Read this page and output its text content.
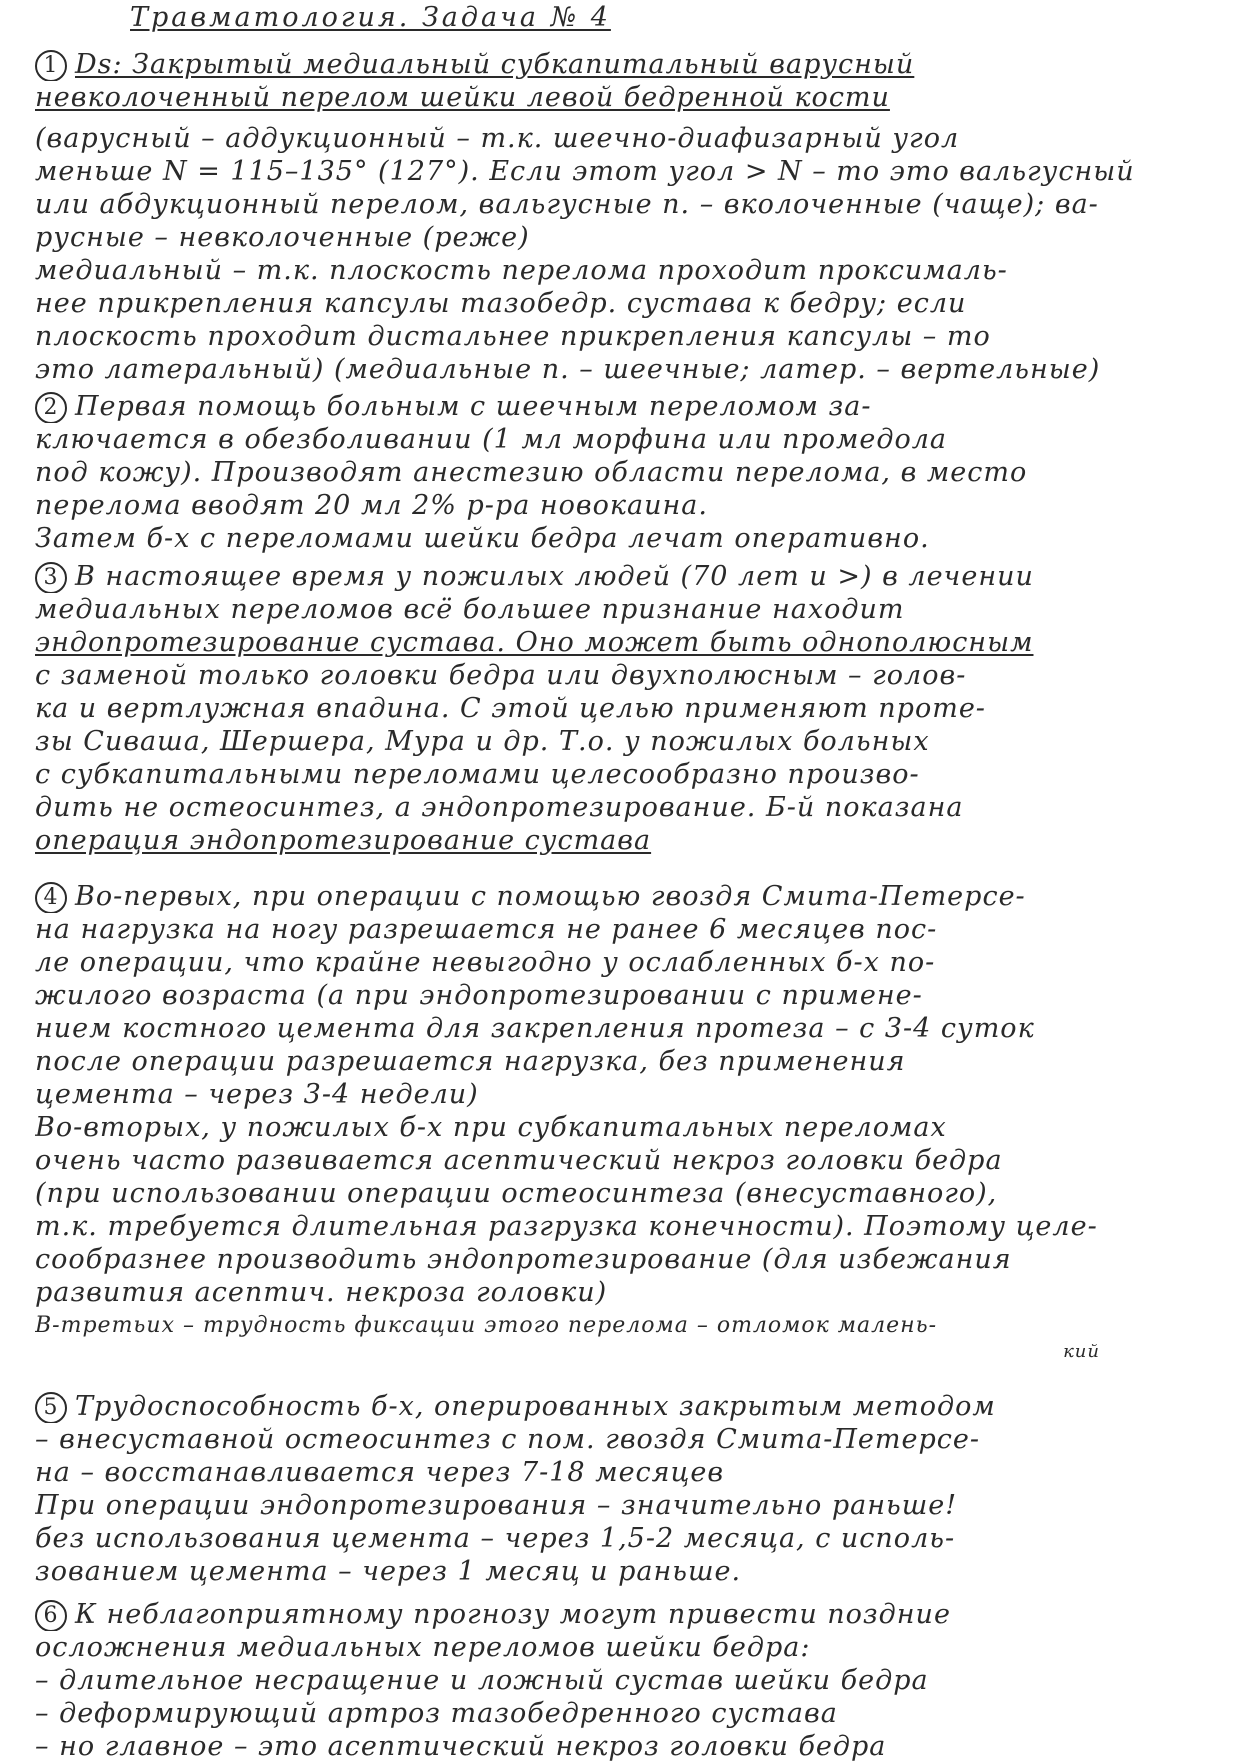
Травматология. Задача № 4
1 Ds: Закрытый медиальный субкапитальный варусный
невколоченный перелом шейки левой бедренной кости
(варусный – аддукционный – т.к. шеечно-диафизарный угол
меньше N = 115–135° (127°). Если этот угол > N – то это вальгусный
или абдукционный перелом, вальгусные п. – вколоченные (чаще); ва-
русные – невколоченные (реже)
медиальный – т.к. плоскость перелома проходит проксималь-
нее прикрепления капсулы тазобедр. сустава к бедру; если
плоскость проходит дистальнее прикрепления капсулы – то
это латеральный) (медиальные п. – шеечные; латер. – вертельные)
2 Первая помощь больным с шеечным переломом за-
ключается в обезболивании (1 мл морфина или промедола
под кожу). Производят анестезию области перелома, в место
перелома вводят 20 мл 2% р-ра новокаина.
Затем б-х с переломами шейки бедра лечат оперативно.
3 В настоящее время у пожилых людей (70 лет и >) в лечении
медиальных переломов всё большее признание находит
эндопротезирование сустава. Оно может быть однополюсным
с заменой только головки бедра или двухполюсным – голов-
ка и вертлужная впадина. С этой целью применяют проте-
зы Сиваша, Шершера, Мура и др. Т.о. у пожилых больных
с субкапитальными переломами целесообразно произво-
дить не остеосинтез, а эндопротезирование. Б-й показана
операция эндопротезирование сустава
4 Во-первых, при операции с помощью гвоздя Смита-Петерсе-
на нагрузка на ногу разрешается не ранее 6 месяцев пос-
ле операции, что крайне невыгодно у ослабленных б-х по-
жилого возраста (а при эндопротезировании с примене-
нием костного цемента для закрепления протеза – с 3-4 суток
после операции разрешается нагрузка, без применения
цемента – через 3-4 недели)
Во-вторых, у пожилых б-х при субкапитальных переломах
очень часто развивается асептический некроз головки бедра
(при использовании операции остеосинтеза (внесуставного),
т.к. требуется длительная разгрузка конечности). Поэтому целе-
сообразнее производить эндопротезирование (для избежания
развития асептич. некроза головки)
В-третьих – трудность фиксации этого перелома – отломок малень-
кий
5 Трудоспособность б-х, оперированных закрытым методом
– внесуставной остеосинтез с пом. гвоздя Смита-Петерсе-
на – восстанавливается через 7-18 месяцев
При операции эндопротезирования – значительно раньше!
без использования цемента – через 1,5-2 месяца, с исполь-
зованием цемента – через 1 месяц и раньше.
6 К неблагоприятному прогнозу могут привести поздние
осложнения медиальных переломов шейки бедра:
– длительное несращение и ложный сустав шейки бедра
– деформирующий артроз тазобедренного сустава
– но главное – это асептический некроз головки бедра
